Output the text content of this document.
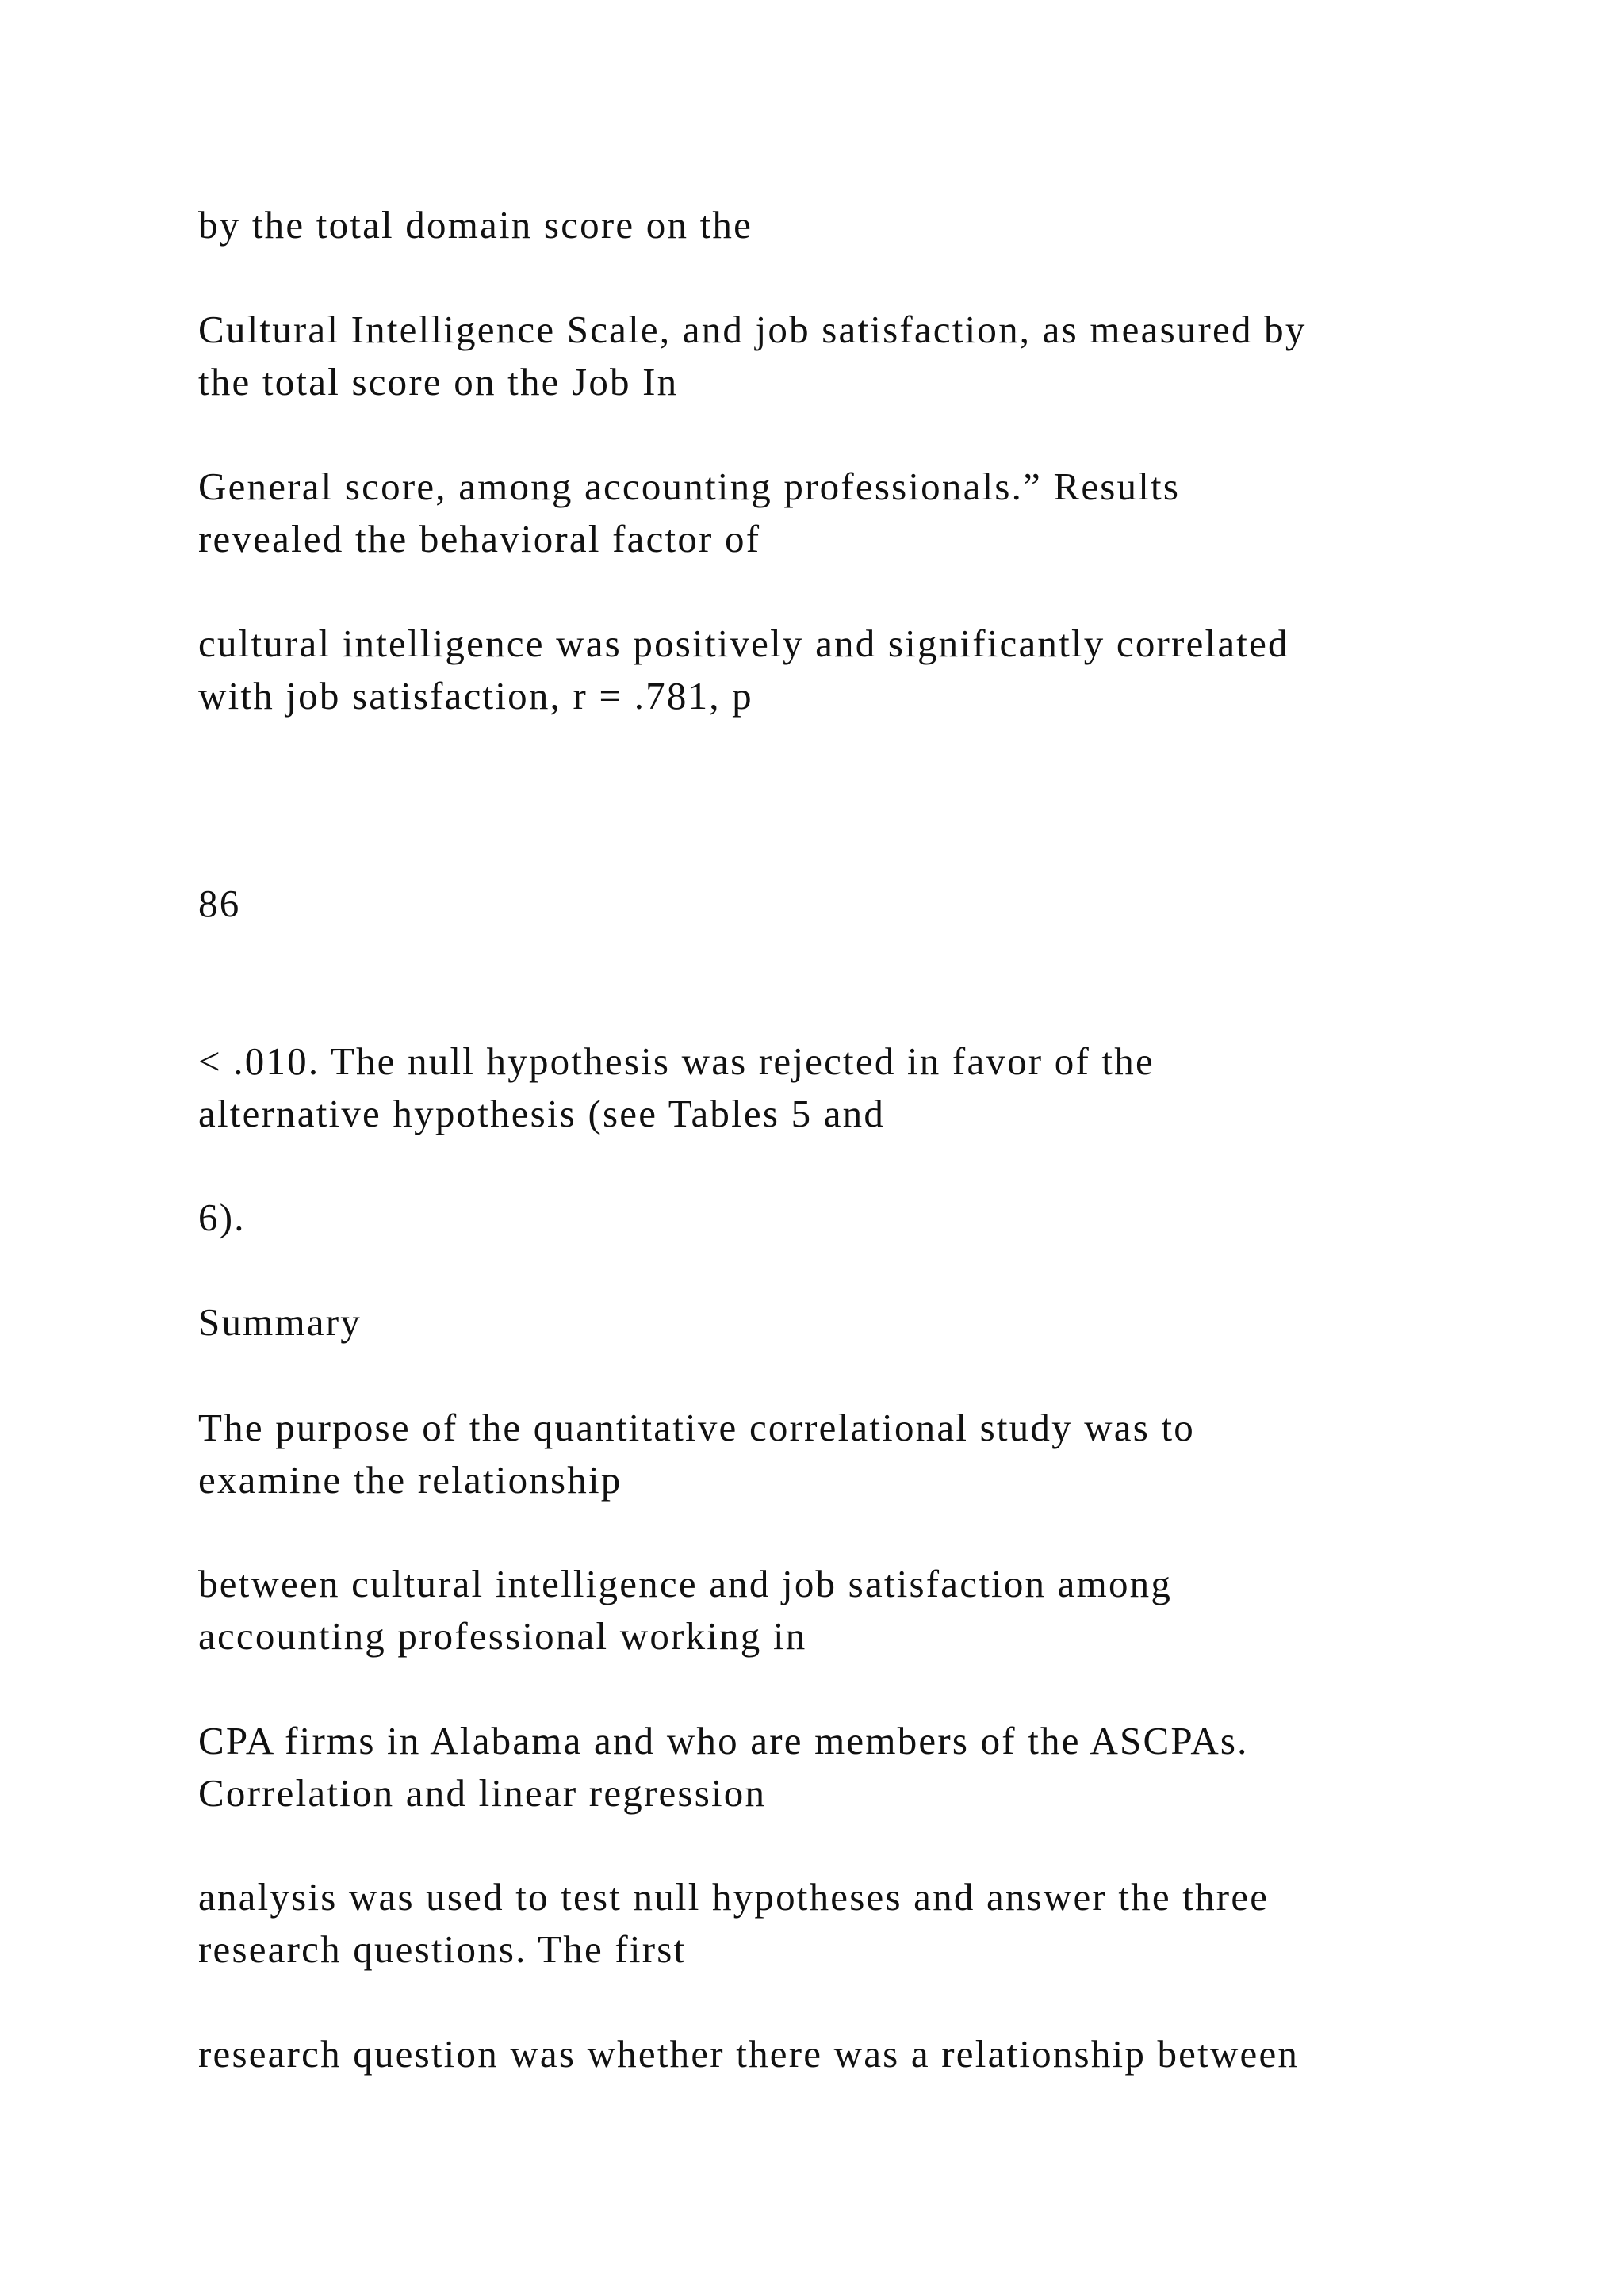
by the total domain score on the

Cultural Intelligence Scale, and job satisfaction, as measured by
the total score on the Job In

General score, among accounting professionals.” Results
revealed the behavioral factor of

cultural intelligence was positively and significantly correlated
with job satisfaction, r = .781, p

86

< .010. The null hypothesis was rejected in favor of the
alternative hypothesis (see Tables 5 and

6).

Summary

The purpose of the quantitative correlational study was to
examine the relationship

between cultural intelligence and job satisfaction among
accounting professional working in

CPA firms in Alabama and who are members of the ASCPAs.
Correlation and linear regression

analysis was used to test null hypotheses and answer the three
research questions. The first

research question was whether there was a relationship between
